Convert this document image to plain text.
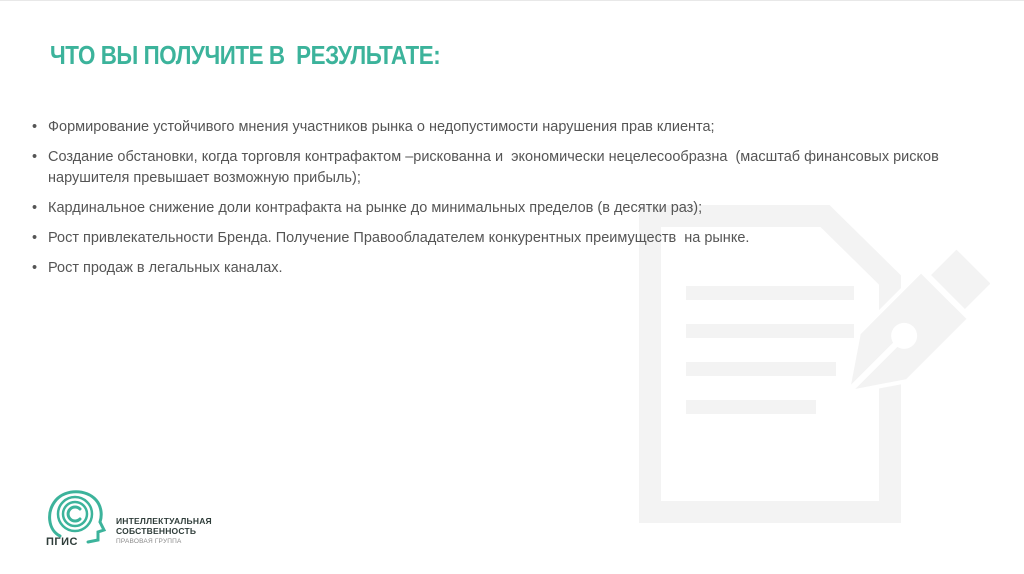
ЧТО ВЫ ПОЛУЧИТЕ В  РЕЗУЛЬТАТЕ:
• Формирование устойчивого мнения участников рынка о недопустимости нарушения прав клиента;
• Создание обстановки, когда торговля контрафактом –рискованна и  экономически нецелесообразна  (масштаб финансовых рисков нарушителя превышает возможную прибыль);
• Кардинальное снижение доли контрафакта на рынке до минимальных пределов (в десятки раз);
• Рост привлекательности Бренда. Получение Правообладателем конкурентных преимуществ  на рынке.
• Рост продаж в легальных каналах.
ПГИС
ИНТЕЛЛЕКТУАЛЬНАЯ
СОБСТВЕННОСТЬ
ПРАВОВАЯ ГРУППА
